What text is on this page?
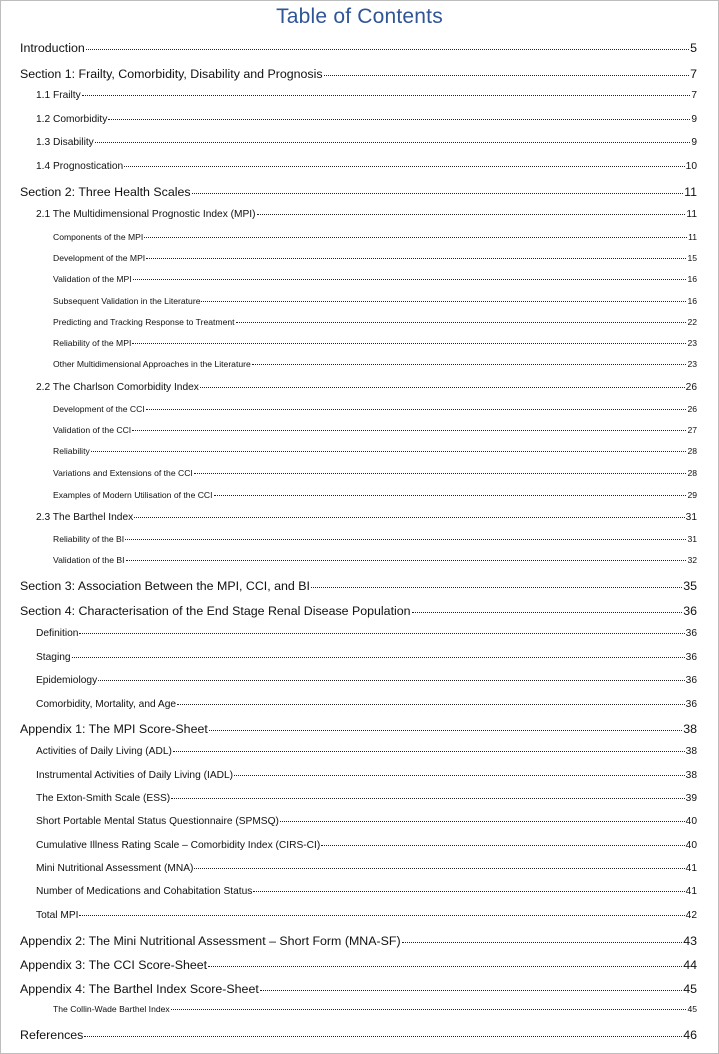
Table of Contents
Introduction	5
Section 1: Frailty, Comorbidity, Disability and Prognosis	7
1.1 Frailty	7
1.2 Comorbidity	9
1.3 Disability	9
1.4 Prognostication	10
Section 2: Three Health Scales	11
2.1 The Multidimensional Prognostic Index (MPI)	11
Components of the MPI	11
Development of the MPI	15
Validation of the MPI	16
Subsequent Validation in the Literature	16
Predicting and Tracking Response to Treatment	22
Reliability of the MPI	23
Other Multidimensional Approaches in the Literature	23
2.2 The Charlson Comorbidity Index	26
Development of the CCI	26
Validation of the CCI	27
Reliability	28
Variations and Extensions of the CCI	28
Examples of Modern Utilisation of the CCI	29
2.3 The Barthel Index	31
Reliability of the BI	31
Validation of the BI	32
Section 3: Association Between the MPI, CCI, and BI	35
Section 4: Characterisation of the End Stage Renal Disease Population	36
Definition	36
Staging	36
Epidemiology	36
Comorbidity, Mortality, and Age	36
Appendix 1: The MPI Score-Sheet	38
Activities of Daily Living (ADL)	38
Instrumental Activities of Daily Living (IADL)	38
The Exton-Smith Scale (ESS)	39
Short Portable Mental Status Questionnaire (SPMSQ)	40
Cumulative Illness Rating Scale – Comorbidity Index (CIRS-CI)	40
Mini Nutritional Assessment (MNA)	41
Number of Medications and Cohabitation Status	41
Total MPI	42
Appendix 2: The Mini Nutritional Assessment – Short Form (MNA-SF)	43
Appendix 3: The CCI Score-Sheet	44
Appendix 4: The Barthel Index Score-Sheet	45
The Collin-Wade Barthel Index	45
References	46
